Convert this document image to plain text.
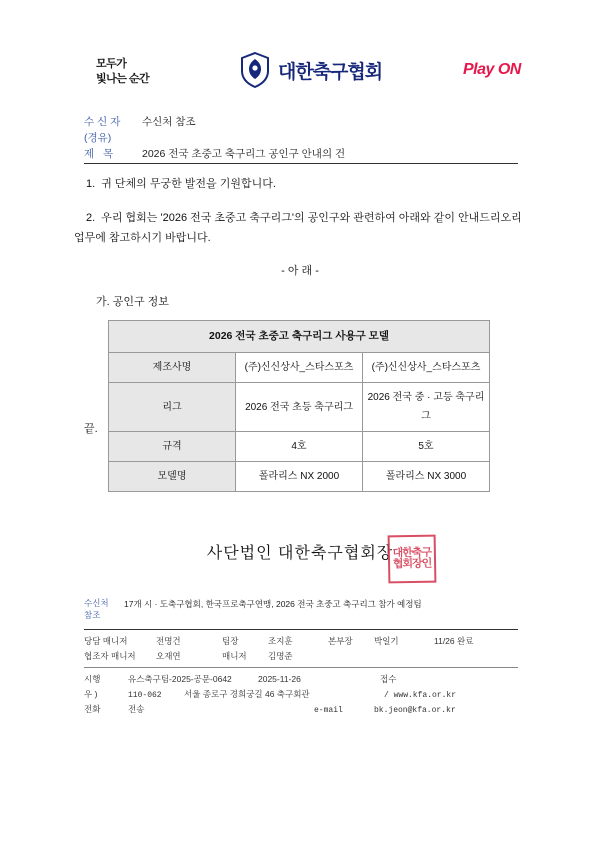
모두가
빛나는 순간	대한축구협회	Play ON
수신자	수신처 참조
(경유)
제 목	2026 전국 초중고 축구리그 공인구 안내의 건
1. 귀 단체의 무궁한 발전을 기원합니다.
2. 우리 협회는 '2026 전국 초중고 축구리그'의 공인구와 관련하여 아래와 같이 안내드리오리 업무에 참고하시기 바랍니다.
- 아 래 -
가. 공인구 정보
2026 전국 초중고 축구리그 사용구 모델		
제조사명	(주)신신상사_스타스포츠	(주)신신상사_스타스포츠
리그	2026 전국 초등 축구리그	2026 전국 중 · 고등 축구리그
규격	4호	5호
모델명	폴라리스 NX 2000	폴라리스 NX 3000
끝.
사단법인 대한축구협회장 대한축구협회장인
수신처
참조
17개 시 · 도축구협회, 한국프로축구연맹, 2026 전국 초중고 축구리그 참가 예정팀
당담 매니저	전명건	팀장	조지훈	본부장	박일기	11/26 완료
협조자 매니저	오재연	매니저	김명준
시행	유스축구팀-2025-공문-0642	2025-11-26	접수
우 )	110-062	서울 종로구 경희궁길 46 축구회관	/ www.kfa.or.kr
전화	전송	e-mail	bk.jeon@kfa.or.kr
